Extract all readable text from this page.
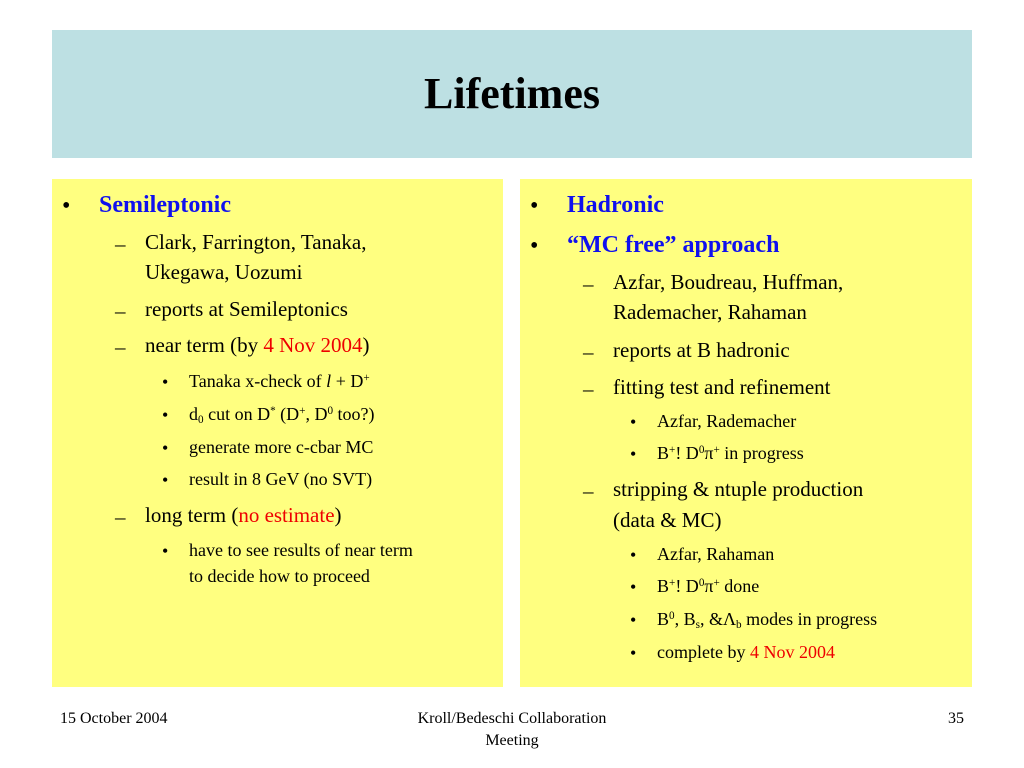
Lifetimes
• Semileptonic
– Clark, Farrington, Tanaka,
Ukegawa, Uozumi
– reports at Semileptonics
– near term (by 4 Nov 2004)
• Tanaka x-check of l + D+
• $d_0$ cut on D* (D+, $D^0$ too?)
• generate more c-cbar MC
• result in 8 GeV (no SVT)
– long term (no estimate)
• have to see results of near term
to decide how to proceed
• Hadronic
• “MC free” approach
– Azfar, Boudreau, Huffman,
Rademacher, Rahaman
– reports at B hadronic
– fitting test and refinement
• Azfar, Rademacher
• B+! $D^0\pi^+$ in progress
– stripping & ntuple production
(data & MC)
• Azfar, Rahaman
• B+! $D^0\pi^+$ done
• $B^0$, $B_s$, $\&\Lambda_b$ modes in progress
• complete by 4 Nov 2004
15 October 2004	Kroll/Bedeschi Collaboration
Meeting
35
